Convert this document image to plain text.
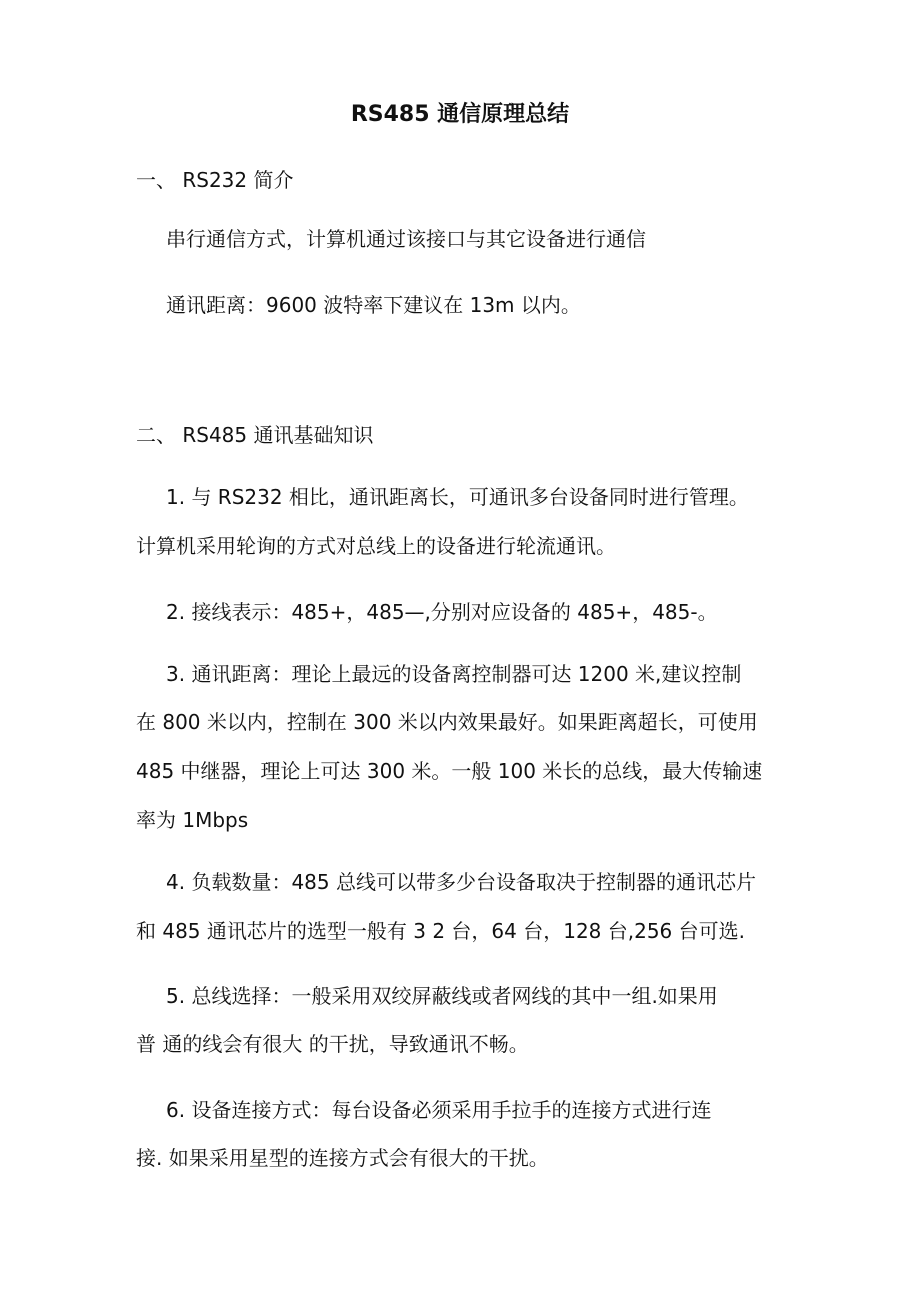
RS485 通信原理总结

一、 RS232 简介

串行通信方式，计算机通过该接口与其它设备进行通信

通讯距离：9600 波特率下建议在 13m 以内。

二、 RS485 通讯基础知识

1. 与 RS232 相比，通讯距离长，可通讯多台设备同时进行管理。

计算机采用轮询的方式对总线上的设备进行轮流通讯。

2. 接线表示：485+，485—,分别对应设备的 485+，485-。

3. 通讯距离：理论上最远的设备离控制器可达 1200 米,建议控制

在 800 米以内，控制在 300 米以内效果最好。如果距离超长，可使用

485 中继器，理论上可达 300 米。一般 100 米长的总线，最大传输速

率为 1Mbps

4. 负载数量：485 总线可以带多少台设备取决于控制器的通讯芯片

和 485 通讯芯片的选型一般有 3 2 台，64 台，128 台,256 台可选.

5. 总线选择：一般采用双绞屏蔽线或者网线的其中一组.如果用

普 通的线会有很大 的干扰，导致通讯不畅。

6. 设备连接方式：每台设备必须采用手拉手的连接方式进行连

接. 如果采用星型的连接方式会有很大的干扰。
